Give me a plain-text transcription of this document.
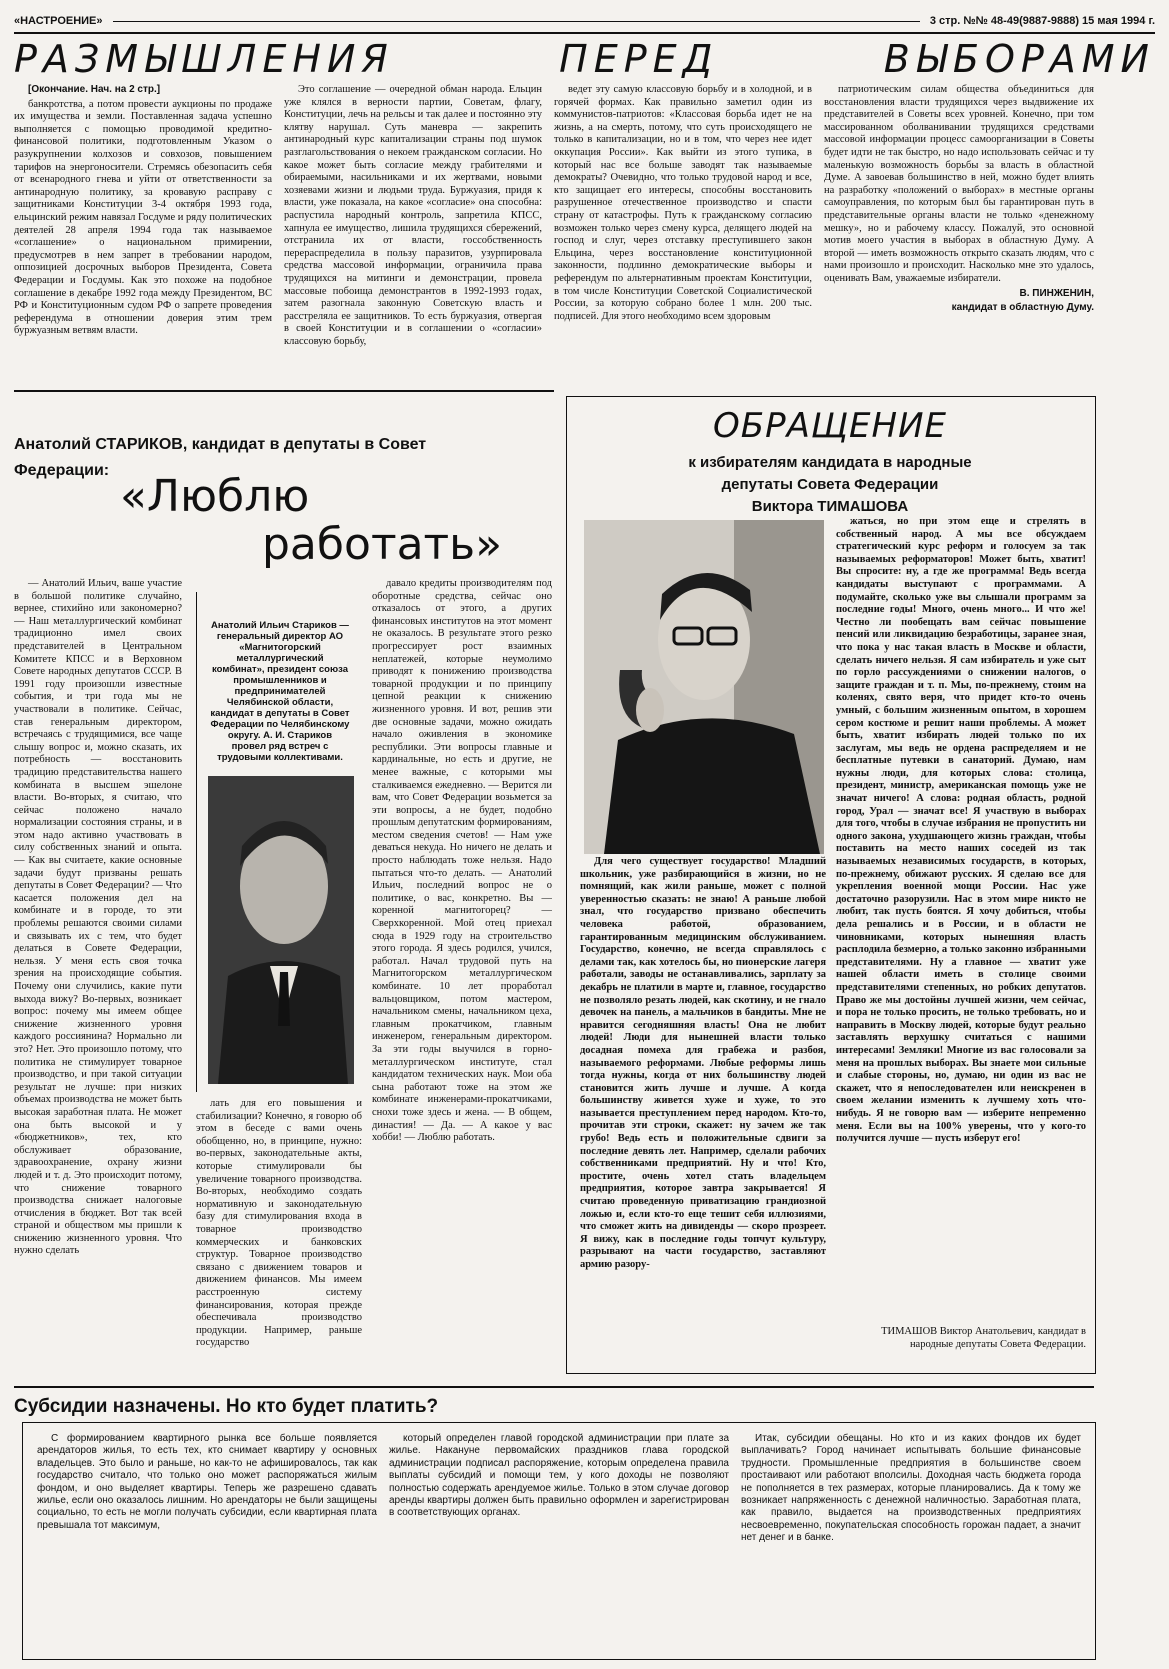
«НАСТРОЕНИЕ»	3 стр. №№ 48-49(9887-9888) 15 мая 1994 г.
РАЗМЫШЛЕНИЯ	ПЕРЕД	ВЫБОРАМИ

[Окончание. Нач. на 2 стр.]

банкротства, а потом провести аукционы по продаже их имущества и земли. Поставленная задача успешно выполняется с помощью проводимой кредитно-финансовой политики, подготовленным Указом о разукрупнении колхозов и совхозов, повышением тарифов на энергоносители. Стремясь обезопасить себя от всенародного гнева и уйти от ответственности за антинародную политику, за кровавую расправу с защитниками Конституции 3-4 октября 1993 года, ельцинский режим навязал Госдуме и ряду политических деятелей 28 апреля 1994 года так называемое «соглашение» о национальном примирении, предусмотрев в нем запрет в требовании народом, оппозицией досрочных выборов Президента, Совета Федерации и Госдумы. Как это похоже на подобное соглашение в декабре 1992 года между Президентом, ВС РФ и Конституционным судом РФ о запрете проведения референдума в отношении доверия этим трем буржуазным ветвям власти.

Это соглашение — очередной обман народа. Ельцин уже клялся в верности партии, Советам, флагу, Конституции, лечь на рельсы и так далее и постоянно эту клятву нарушал. Суть маневра — закрепить антинародный курс капитализации страны под шумок разглагольствования о некоем гражданском согласии. Но какое может быть согласие между грабителями и обираемыми, насильниками и их жертвами, новыми хозяевами жизни и людьми труда. Буржуазия, придя к власти, уже показала, на какое «согласие» она способна: распустила народный контроль, запретила КПСС, хапнула ее имущество, лишила трудящихся сбережений, отстранила их от власти, госсобственность перераспределила в пользу паразитов, узурпировала средства массовой информации, ограничила права трудящихся на митинги и демонстрации, провела массовые побоища демонстрантов в 1992-1993 годах, затем разогнала законную Советскую власть и расстреляла ее защитников. То есть буржуазия, отвергая в своей Конституции и в соглашении о «согласии» классовую борьбу,

ведет эту самую классовую борьбу и в холодной, и в горячей формах. Как правильно заметил один из коммунистов-патриотов: «Классовая борьба идет не на жизнь, а на смерть, потому, что суть происходящего не только в капитализации, но и в том, что через нее идет оккупация России». Как выйти из этого тупика, в который нас все больше заводят так называемые демократы? Очевидно, что только трудовой народ и все, кто защищает его интересы, способны восстановить разрушенное отечественное производство и спасти страну от катастрофы. Путь к гражданскому согласию возможен только через смену курса, делящего людей на господ и слуг, через отставку преступившего закон Ельцина, через восстановление конституционной законности, подлинно демократические выборы и референдум по альтернативным проектам Конституции, в том числе Конституции Советской Социалистической России, за которую собрано более 1 млн. 200 тыс. подписей. Для этого необходимо всем здоровым

патриотическим силам общества объединиться для восстановления власти трудящихся через выдвижение их представителей в Советы всех уровней. Конечно, при том массированном оболванивании трудящихся средствами массовой информации процесс самоорганизации в Советы будет идти не так быстро, но надо использовать сейчас и ту маленькую возможность борьбы за власть в областной Думе. А завоевав большинство в ней, можно будет влиять на разработку «положений о выборах» в местные органы самоуправления, по которым был бы гарантирован путь в представительные органы власти не только «денежному мешку», но и рабочему классу. Пожалуй, это основной мотив моего участия в выборах в областную Думу. А второй — иметь возможность открыто сказать людям, что с нами произошло и происходит. Насколько мне это удалось, оценивать Вам, уважаемые избиратели.

В. ПИНЖЕНИН,

кандидат в областную Думу.

Анатолий СТАРИКОВ, кандидат в депутаты в Совет Федерации:
«Люблю
работать»
Анатолий Ильич Стариков — генеральный директор АО «Магнитогорский металлургический комбинат», президент союза промышленников и предпринимателей Челябинской области, кандидат в депутаты в Совет Федерации по Челябинскому округу. А. И. Стариков провел ряд встреч с трудовыми коллективами.

— Анатолий Ильич, ваше участие в большой политике случайно, вернее, стихийно или закономерно? — Наш металлургический комбинат традиционно имел своих представителей в Центральном Комитете КПСС и в Верховном Совете народных депутатов СССР. В 1991 году произошли известные события, и три года мы не участвовали в политике. Сейчас, став генеральным директором, встречаясь с трудящимися, все чаще слышу вопрос и, можно сказать, их потребность — восстановить традицию представительства нашего комбината в высшем эшелоне власти. Во-вторых, я считаю, что сейчас положено начало нормализации состояния страны, и в этом надо активно участвовать в силу собственных знаний и опыта. — Как вы считаете, какие основные задачи будут призваны решать депутаты в Совет Федерации? — Что касается положения дел на комбинате и в городе, то эти проблемы решаются своими силами и связывать их с тем, что будет делаться в Совете Федерации, нельзя. У меня есть своя точка зрения на происходящие события. Почему они случились, какие пути выхода вижу? Во-первых, возникает вопрос: почему мы имеем общее снижение жизненного уровня каждого россиянина? Нормально ли это? Нет. Это произошло потому, что политика не стимулирует товарное производство, и при такой ситуации результат не лучше: при низких объемах производства не может быть высокая заработная плата. Не может она быть высокой и у «бюджетников», тех, кто обслуживает образование, здравоохранение, охрану жизни людей и т. д. Это происходит потому, что снижение товарного производства снижает налоговые отчисления в бюджет. Вот так всей страной и обществом мы пришли к снижению жизненного уровня. Что нужно сделать

лать для его повышения и стабилизации? Конечно, я говорю об этом в беседе с вами очень обобщенно, но, в принципе, нужно: во-первых, законодательные акты, которые стимулировали бы увеличение товарного производства. Во-вторых, необходимо создать нормативную и законодательную базу для стимулирования входа в товарное производство коммерческих и банковских структур. Товарное производство связано с движением товаров и движением финансов. Мы имеем расстроенную систему финансирования, которая прежде обеспечивала производство продукции. Например, раньше государство

давало кредиты производителям под оборотные средства, сейчас оно отказалось от этого, а других финансовых институтов на этот момент не оказалось. В результате этого резко прогрессирует рост взаимных неплатежей, которые неумолимо приводят к понижению производства товарной продукции и по принципу цепной реакции к снижению жизненного уровня. И вот, решив эти две основные задачи, можно ожидать начало оживления в экономике республики. Эти вопросы главные и кардинальные, но есть и другие, не менее важные, с которыми мы сталкиваемся ежедневно. — Верится ли вам, что Совет Федерации возьмется за эти вопросы, а не будет, подобно прошлым депутатским формированиям, местом сведения счетов! — Нам уже деваться некуда. Но ничего не делать и просто наблюдать тоже нельзя. Надо пытаться что-то делать. — Анатолий Ильич, последний вопрос не о политике, о вас, конкретно. Вы — коренной магнитогорец? — Сверхкоренной. Мой отец приехал сюда в 1929 году на строительство этого города. Я здесь родился, учился, работал. Начал трудовой путь на Магнитогорском металлургическом комбинате. 10 лет проработал вальцовщиком, потом мастером, начальником смены, начальником цеха, главным прокатчиком, главным инженером, генеральным директором. За эти годы выучился в горно-металлургическом институте, стал кандидатом технических наук. Мои оба сына работают тоже на этом же комбинате инженерами-прокатчиками, снохи тоже здесь и жена. — В общем, династия! — Да. — А какое у вас хобби! — Люблю работать.

ОБРАЩЕНИЕ
к избирателям кандидата в народные
депутаты Совета Федерации
Виктора ТИМАШОВА

Для чего существует государство! Младший школьник, уже разбирающийся в жизни, но не помнящий, как жили раньше, может с полной уверенностью сказать: не знаю! А раньше любой знал, что государство призвано обеспечить человека работой, образованием, гарантированным медицинским обслуживанием. Государство, конечно, не всегда справлялось с делами так, как хотелось бы, но пионерские лагеря работали, заводы не останавливались, зарплату за декабрь не платили в марте и, главное, государство не позволяло резать людей, как скотину, и не гнало девочек на панель, а мальчиков в бандиты. Мне не нравится сегодняшняя власть! Она не любит людей! Люди для нынешней власти только досадная помеха для грабежа и разбоя, называемого реформами. Любые реформы лишь тогда нужны, когда от них большинству людей становится жить лучше и лучше. А когда большинству живется хуже и хуже, то это называется преступлением перед народом. Кто-то, прочитав эти строки, скажет: ну зачем же так грубо! Ведь есть и положительные сдвиги за последние девять лет. Например, сделали рабочих собственниками предприятий. Ну и что! Кто, простите, очень хотел стать владельцем предприятия, которое завтра закрывается! Я считаю проведенную приватизацию грандиозной ложью и, если кто-то еще тешит себя иллюзиями, что сможет жить на дивиденды — скоро прозреет. Я вижу, как в последние годы топчут культуру, разрывают на части государство, заставляют армию разору-

жаться, но при этом еще и стрелять в собственный народ. А мы все обсуждаем стратегический курс реформ и голосуем за так называемых реформаторов! Может быть, хватит! Вы спросите: ну, а где же программа! Ведь всегда кандидаты выступают с программами. А подумайте, сколько уже вы слышали программ за последние годы! Много, очень много... И что же! Честно ли пообещать вам сейчас повышение пенсий или ликвидацию безработицы, заранее зная, что пока у нас такая власть в Москве и области, сделать ничего нельзя. Я сам избиратель и уже сыт по горло рассуждениями о снижении налогов, о защите граждан и т. п. Мы, по-прежнему, стоим на коленях, свято веря, что придет кто-то очень умный, с большим жизненным опытом, в хорошем сером костюме и решит наши проблемы. А может быть, хватит избирать людей только по их заслугам, мы ведь не ордена распределяем и не бесплатные путевки в санаторий. Думаю, нам нужны люди, для которых слова: столица, президент, министр, американская помощь уже не значат ничего! А слова: родная область, родной город, Урал — значат все! Я участвую в выборах для того, чтобы в случае избрания не пропустить ни одного закона, ухудшающего жизнь граждан, чтобы поставить на место наших соседей из так называемых независимых государств, в которых, по-прежнему, обижают русских. Я сделаю все для укрепления военной мощи России. Нас уже достаточно разорузили. Нас в этом мире никто не любит, так пусть боятся. Я хочу добиться, чтобы дела решались и в России, и в области не чиновниками, которых нынешняя власть расплодила безмерно, а только законно избранными представителями. Ну а главное — хватит уже нашей области иметь в столице своими представителями степенных, но робких депутатов. Право же мы достойны лучшей жизни, чем сейчас, и пора не только просить, не только требовать, но и направить в Москву людей, которые будут реально заставлять верхушку считаться с нашими интересами! Земляки! Многие из вас голосовали за меня на прошлых выборах. Вы знаете мои сильные и слабые стороны, но, думаю, ни один из вас не скажет, что я непоследователен или неискренен в своем желании изменить к лучшему хоть что-нибудь. Я не говорю вам — изберите непременно меня. Если вы на 100% уверены, что у кого-то получится лучше — пусть изберут его!

ТИМАШОВ Виктор Анатольевич, кандидат в народные депутаты Совета Федерации.

Субсидии назначены. Но кто будет платить?

С формированием квартирного рынка все больше появляется арендаторов жилья, то есть тех, кто снимает квартиру у основных владельцев. Это было и раньше, но как-то не афишировалось, так как государство считало, что только оно может распоряжаться жилым фондом, и оно выделяет квартиры. Теперь же разрешено сдавать жилье, если оно оказалось лишним. Но арендаторы не были защищены социально, то есть не могли получать субсидии, если квартирная плата превышала тот максимум,

который определен главой городской администрации при плате за жилье. Накануне первомайских праздников глава городской администрации подписал распоряжение, которым определена правила выплаты субсидий и помощи тем, у кого доходы не позволяют полностью содержать арендуемое жилье. Только в этом случае договор аренды квартиры должен быть правильно оформлен и зарегистрирован в соответствующих органах.

Итак, субсидии обещаны. Но кто и из каких фондов их будет выплачивать? Город начинает испытывать большие финансовые трудности. Промышленные предприятия в большинстве своем простаивают или работают вполсилы. Доходная часть бюджета города не пополняется в тех размерах, которые планировались. Да к тому же возникает напряженность с денежной наличностью. Заработная плата, как правило, выдается на производственных предприятиях несвоевременно, покупательская способность горожан падает, а значит нет денег и в банке.
